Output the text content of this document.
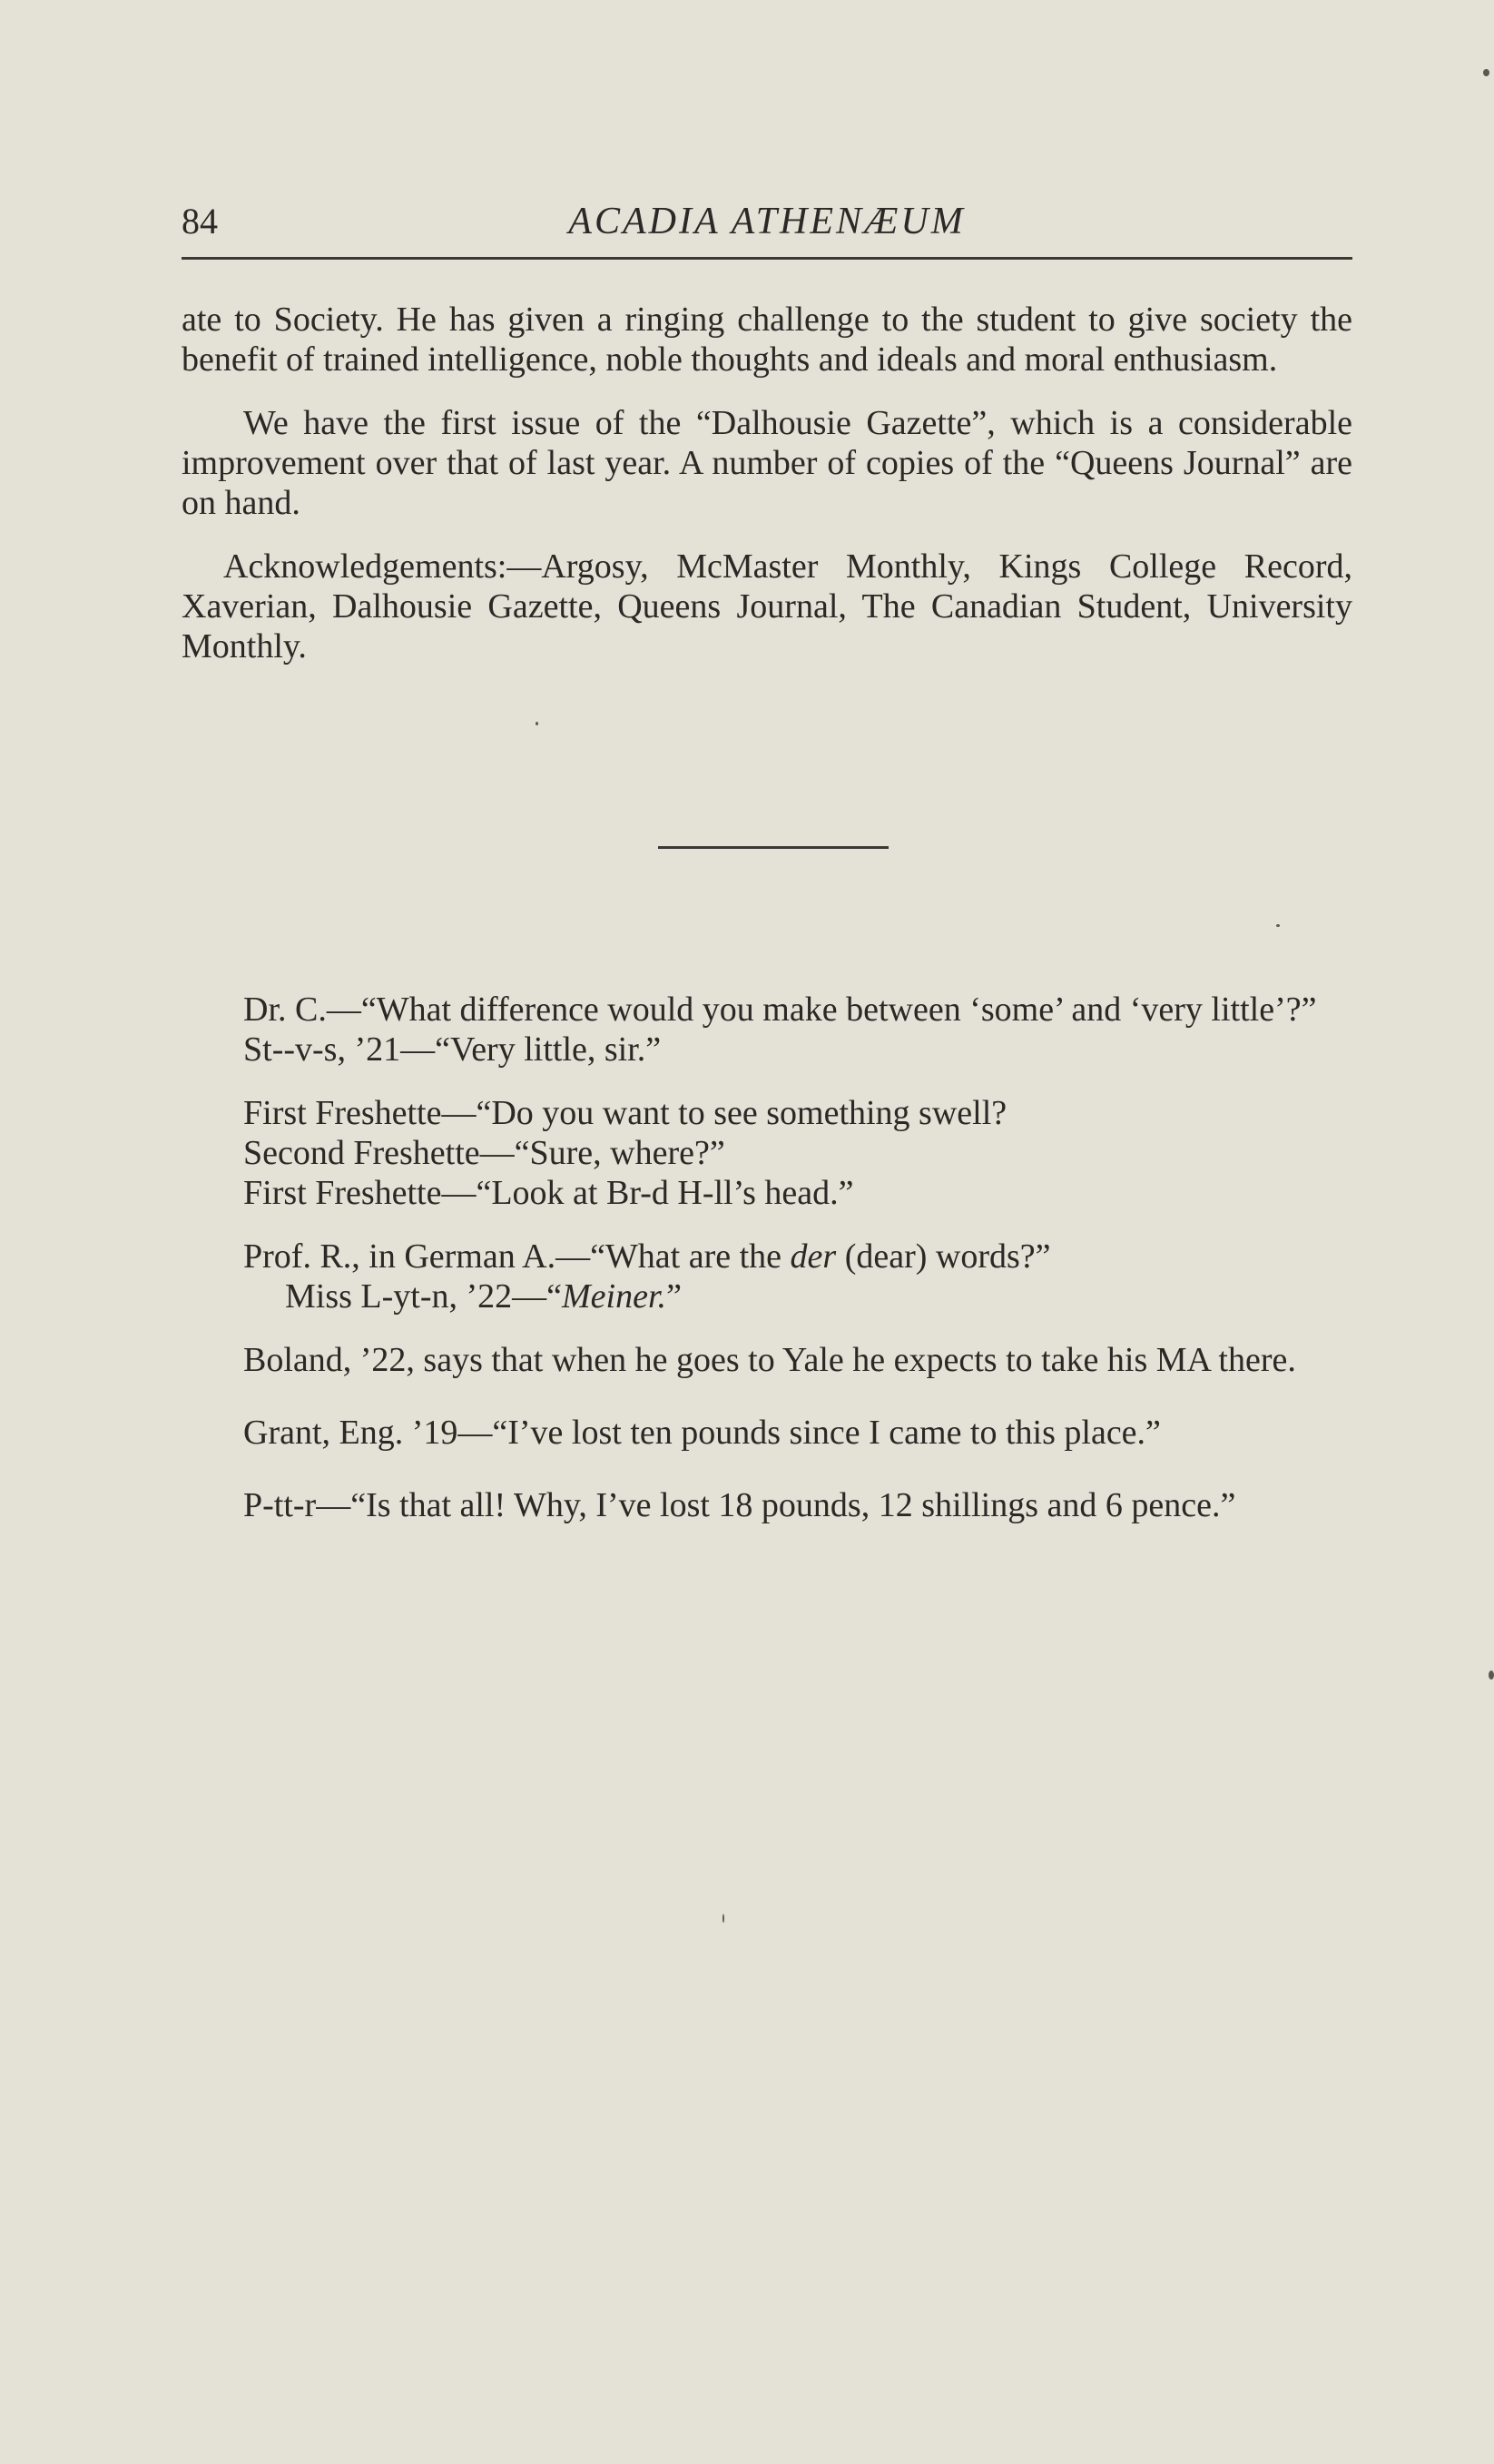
84	ACADIA ATHENÆUM

ate to Society. He has given a ringing challenge to the student to give society the benefit of trained intelligence, noble thoughts and ideals and moral enthusiasm.

We have the first issue of the “Dalhousie Gazette”, which is a considerable improvement over that of last year. A number of copies of the “Queens Journal” are on hand.

Acknowledgements:—Argosy, McMaster Monthly, Kings College Record, Xaverian, Dalhousie Gazette, Queens Journal, The Canadian Student, University Monthly.

Dr. C.—“What difference would you make between ‘some’ and ‘very little’?”

St--v-s, ’21—“Very little, sir.”

First Freshette—“Do you want to see something swell?
Second Freshette—“Sure, where?”
First Freshette—“Look at Br-d H-ll’s head.”

Prof. R., in German A.—“What are the der (dear) words?”

Miss L-yt-n, ’22—“Meiner.”

Boland, ’22, says that when he goes to Yale he expects to take his MA there.

Grant, Eng. ’19—“I’ve lost ten pounds since I came to this place.”

P-tt-r—“Is that all! Why, I’ve lost 18 pounds, 12 shillings and 6 pence.”
